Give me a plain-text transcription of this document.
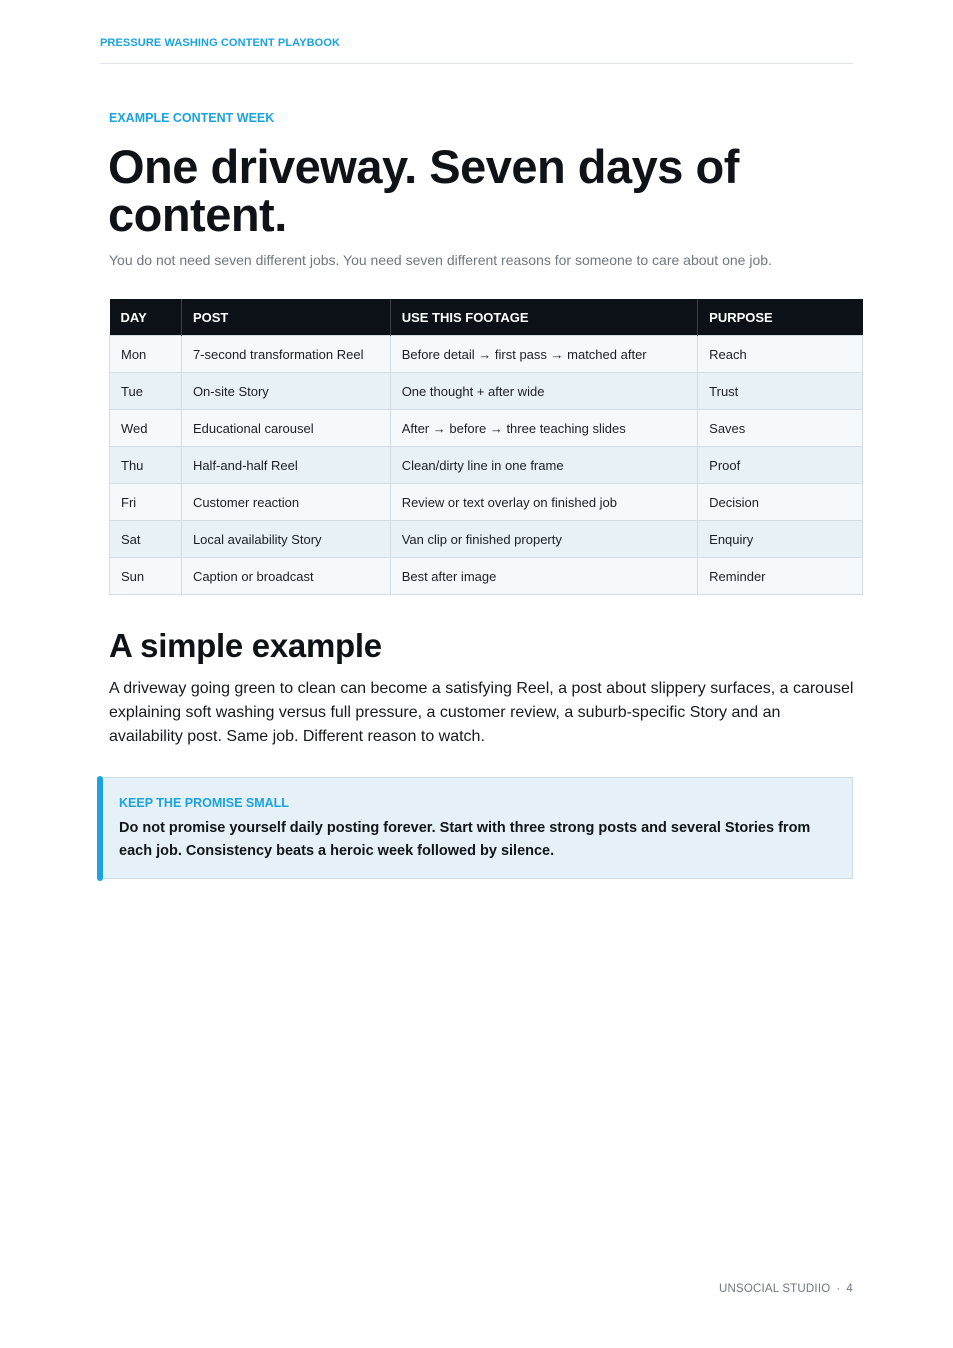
PRESSURE WASHING CONTENT PLAYBOOK
EXAMPLE CONTENT WEEK
One driveway. Seven days of content.
You do not need seven different jobs. You need seven different reasons for someone to care about one job.
DAY	POST	USE THIS FOOTAGE	PURPOSE
Mon	7-second transformation Reel	Before detail → first pass → matched after	Reach
Tue	On-site Story	One thought + after wide	Trust
Wed	Educational carousel	After → before → three teaching slides	Saves
Thu	Half-and-half Reel	Clean/dirty line in one frame	Proof
Fri	Customer reaction	Review or text overlay on finished job	Decision
Sat	Local availability Story	Van clip or finished property	Enquiry
Sun	Caption or broadcast	Best after image	Reminder
A simple example

A driveway going green to clean can become a satisfying Reel, a post about slippery surfaces, a carousel explaining soft washing versus full pressure, a customer review, a suburb-specific Story and an availability post. Same job. Different reason to watch.

KEEP THE PROMISE SMALL

Do not promise yourself daily posting forever. Start with three strong posts and several Stories from each job. Consistency beats a heroic week followed by silence.

UNSOCIAL STUDIIO · 4
